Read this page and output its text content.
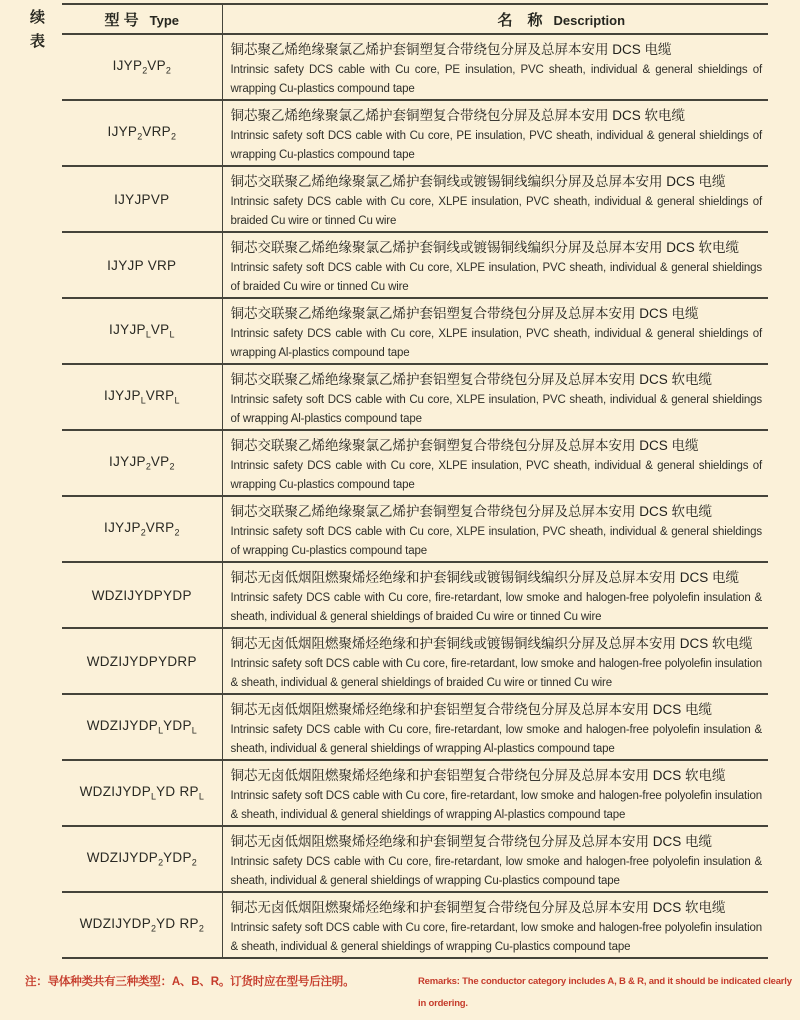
续表
型 号 Type	名　称 Description

$IJYP_2VP_2$	铜芯聚乙烯绝缘聚氯乙烯护套铜塑复合带绕包分屏及总屏本安用 DCS 电缆
Intrinsic safety DCS cable with Cu core, PE insulation, PVC sheath, individual & general shieldings of wrapping Cu-plastics compound tape

$IJYP_2VRP_2$	铜芯聚乙烯绝缘聚氯乙烯护套铜塑复合带绕包分屏及总屏本安用 DCS 软电缆
Intrinsic safety soft DCS cable with Cu core, PE insulation, PVC sheath, individual & general shieldings of wrapping Cu-plastics compound tape

IJYJPVP	铜芯交联聚乙烯绝缘聚氯乙烯护套铜线或镀锡铜线编织分屏及总屏本安用 DCS 电缆
Intrinsic safety DCS cable with Cu core, XLPE insulation, PVC sheath, individual & general shieldings of braided Cu wire or tinned Cu wire

IJYJP VRP	铜芯交联聚乙烯绝缘聚氯乙烯护套铜线或镀锡铜线编织分屏及总屏本安用 DCS 软电缆
Intrinsic safety soft DCS cable with Cu core, XLPE insulation, PVC sheath, individual & general shieldings of braided Cu wire or tinned Cu wire

$IJYJP_LVP_L$	铜芯交联聚乙烯绝缘聚氯乙烯护套铝塑复合带绕包分屏及总屏本安用 DCS 电缆
Intrinsic safety DCS cable with Cu core, XLPE insulation, PVC sheath, individual & general shieldings of wrapping Al-plastics compound tape

$IJYJP_LVRP_L$	铜芯交联聚乙烯绝缘聚氯乙烯护套铝塑复合带绕包分屏及总屏本安用 DCS 软电缆
Intrinsic safety soft DCS cable with Cu core, XLPE insulation, PVC sheath, individual & general shieldings of wrapping Al-plastics compound tape

$IJYJP_2VP_2$	铜芯交联聚乙烯绝缘聚氯乙烯护套铜塑复合带绕包分屏及总屏本安用 DCS 电缆
Intrinsic safety DCS cable with Cu core, XLPE insulation, PVC sheath, individual & general shieldings of wrapping Cu-plastics compound tape

$IJYJP_2VRP_2$	铜芯交联聚乙烯绝缘聚氯乙烯护套铜塑复合带绕包分屏及总屏本安用 DCS 软电缆
Intrinsic safety soft DCS cable with Cu core, XLPE insulation, PVC sheath, individual & general shieldings of wrapping Cu-plastics compound tape

WDZIJYDPYDP	铜芯无卤低烟阻燃聚烯烃绝缘和护套铜线或镀锡铜线编织分屏及总屏本安用 DCS 电缆
Intrinsic safety DCS cable with Cu core, fire-retardant, low smoke and halogen-free polyolefin insulation & sheath, individual & general shieldings of braided Cu wire or tinned Cu wire

WDZIJYDPYDRP	铜芯无卤低烟阻燃聚烯烃绝缘和护套铜线或镀锡铜线编织分屏及总屏本安用 DCS 软电缆
Intrinsic safety soft DCS cable with Cu core, fire-retardant, low smoke and halogen-free polyolefin insulation & sheath, individual & general shieldings of braided Cu wire or tinned Cu wire

$WDZIJYDP_LYDP_L$	铜芯无卤低烟阻燃聚烯烃绝缘和护套铝塑复合带绕包分屏及总屏本安用 DCS 电缆
Intrinsic safety DCS cable with Cu core, fire-retardant, low smoke and halogen-free polyolefin insulation & sheath, individual & general shieldings of wrapping Al-plastics compound tape

$WDZIJYDP_LYD$ $RP_L$	铜芯无卤低烟阻燃聚烯烃绝缘和护套铝塑复合带绕包分屏及总屏本安用 DCS 软电缆
Intrinsic safety soft DCS cable with Cu core, fire-retardant, low smoke and halogen-free polyolefin insulation & sheath, individual & general shieldings of wrapping Al-plastics compound tape

$WDZIJYDP_2YDP_2$	铜芯无卤低烟阻燃聚烯烃绝缘和护套铜塑复合带绕包分屏及总屏本安用 DCS 电缆
Intrinsic safety DCS cable with Cu core, fire-retardant, low smoke and halogen-free polyolefin insulation & sheath, individual & general shieldings of wrapping Cu-plastics compound tape

$WDZIJYDP_2YD$ $RP_2$	铜芯无卤低烟阻燃聚烯烃绝缘和护套铜塑复合带绕包分屏及总屏本安用 DCS 软电缆
Intrinsic safety soft DCS cable with Cu core, fire-retardant, low smoke and halogen-free polyolefin insulation & sheath, individual & general shieldings of wrapping Cu-plastics compound tape
注：导体种类共有三种类型：A、B、R。订货时应在型号后注明。	Remarks: The conductor category includes A, B & R, and it should be indicated clearly
in ordering.
